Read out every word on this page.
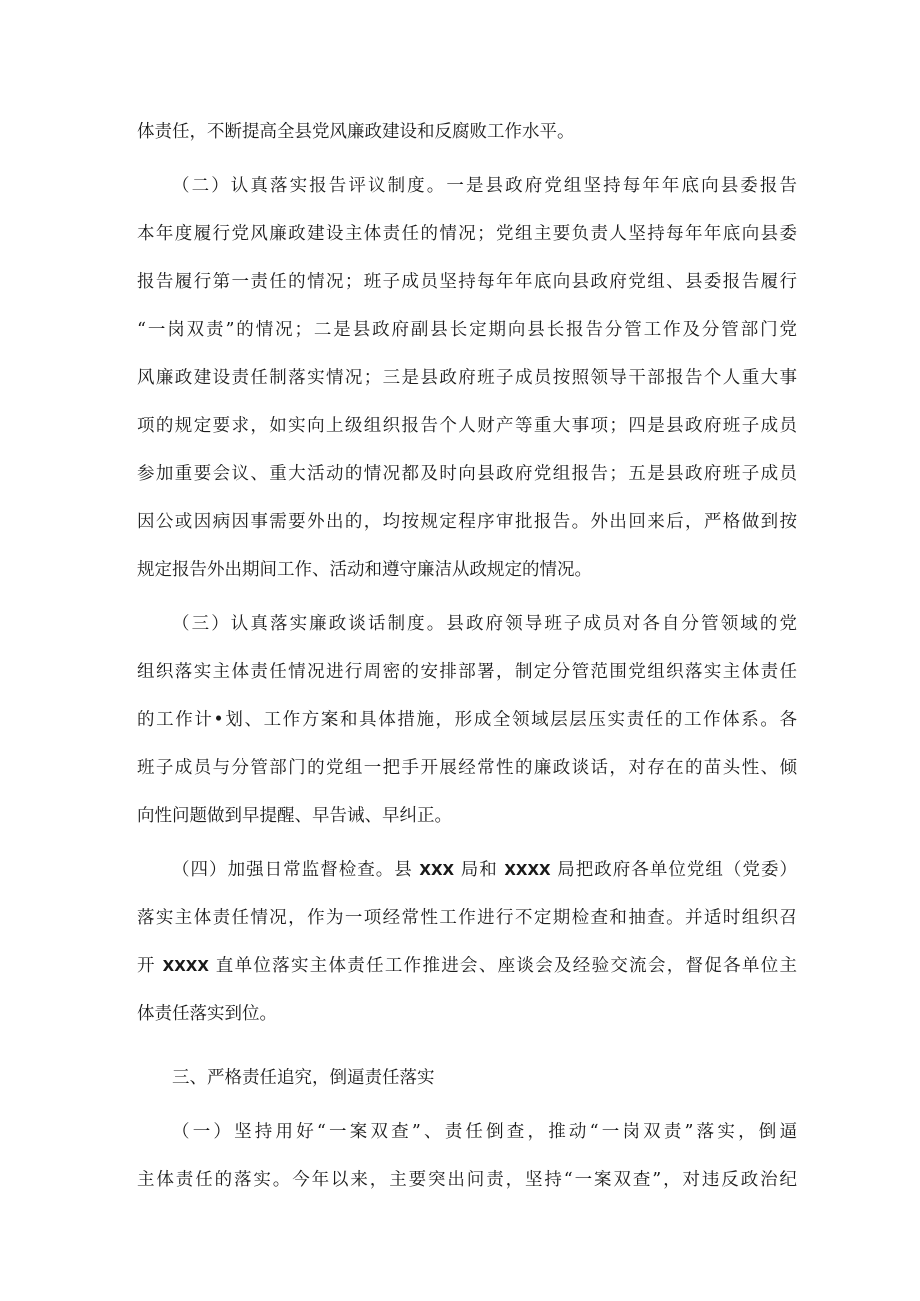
体责任，不断提高全县党风廉政建设和反腐败工作水平。
（二）认真落实报告评议制度。一是县政府党组坚持每年年底向县委报告
本年度履行党风廉政建设主体责任的情况；党组主要负责人坚持每年年底向县委
报告履行第一责任的情况；班子成员坚持每年年底向县政府党组、县委报告履行
“一岗双责”的情况；二是县政府副县长定期向县长报告分管工作及分管部门党
风廉政建设责任制落实情况；三是县政府班子成员按照领导干部报告个人重大事
项的规定要求，如实向上级组织报告个人财产等重大事项；四是县政府班子成员
参加重要会议、重大活动的情况都及时向县政府党组报告；五是县政府班子成员
因公或因病因事需要外出的，均按规定程序审批报告。外出回来后，严格做到按
规定报告外出期间工作、活动和遵守廉洁从政规定的情况。
（三）认真落实廉政谈话制度。县政府领导班子成员对各自分管领域的党
组织落实主体责任情况进行周密的安排部署，制定分管范围党组织落实主体责任
的工作计•划、工作方案和具体措施，形成全领域层层压实责任的工作体系。各
班子成员与分管部门的党组一把手开展经常性的廉政谈话，对存在的苗头性、倾
向性问题做到早提醒、早告诫、早纠正。
（四）加强日常监督检查。县 XXX 局和 XXXX 局把政府各单位党组（党委）
落实主体责任情况，作为一项经常性工作进行不定期检查和抽查。并适时组织召
开 XXXX 直单位落实主体责任工作推进会、座谈会及经验交流会，督促各单位主
体责任落实到位。
三、严格责任追究，倒逼责任落实
（一）坚持用好“一案双查”、责任倒查，推动“一岗双责”落实，倒逼
主体责任的落实。今年以来，主要突出问责，坚持“一案双查”，对违反政治纪
